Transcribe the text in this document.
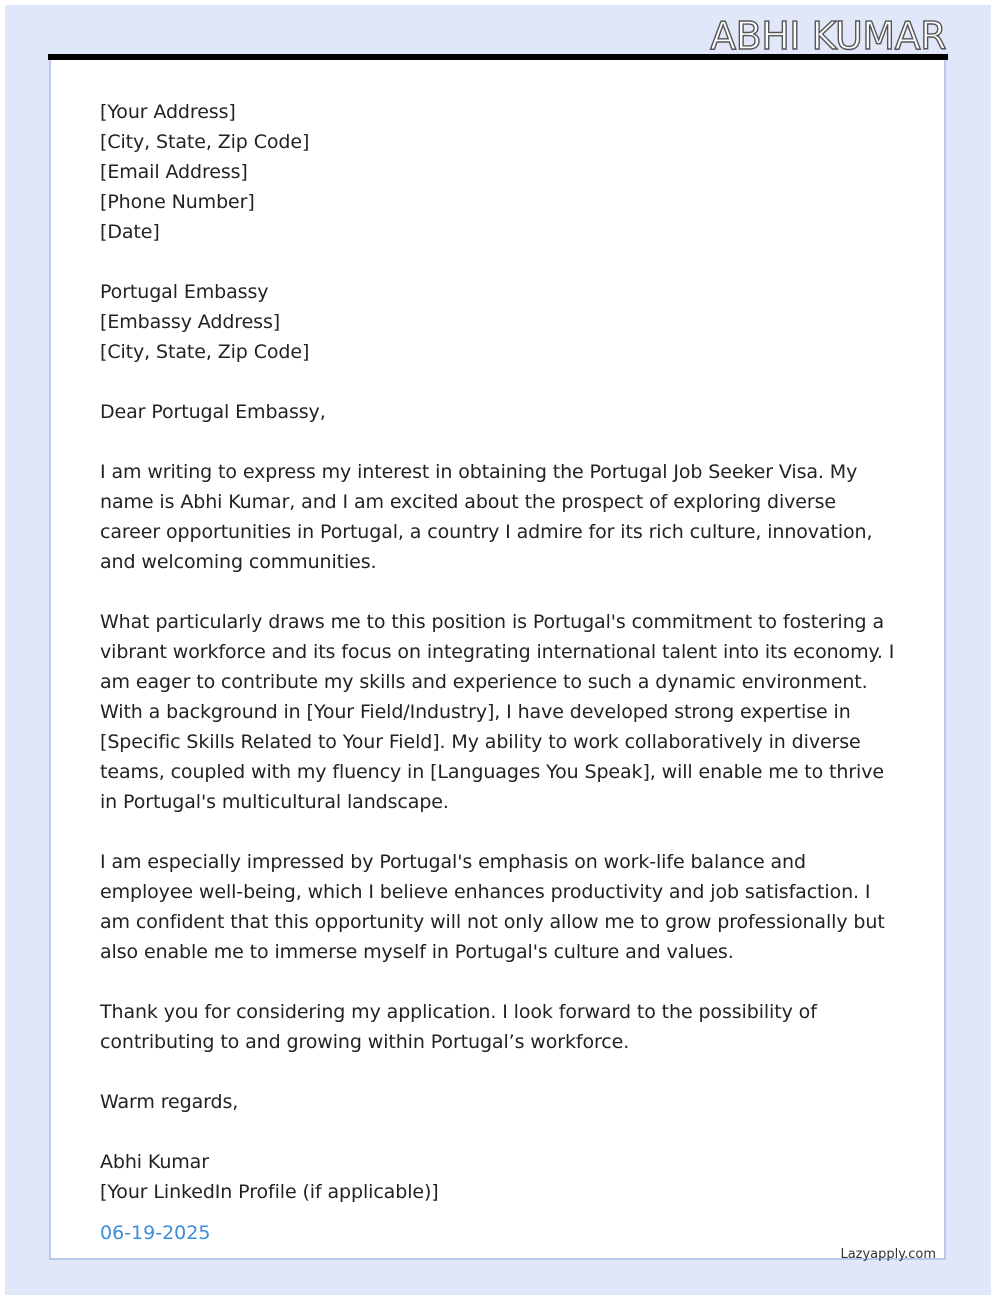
ABHI KUMAR
[Your Address]
[City, State, Zip Code]
[Email Address]
[Phone Number]
[Date]
Portugal Embassy
[Embassy Address]
[City, State, Zip Code]
Dear Portugal Embassy,
I am writing to express my interest in obtaining the Portugal Job Seeker Visa. My name is Abhi Kumar, and I am excited about the prospect of exploring diverse career opportunities in Portugal, a country I admire for its rich culture, innovation, and welcoming communities.
What particularly draws me to this position is Portugal's commitment to fostering a vibrant workforce and its focus on integrating international talent into its economy. I am eager to contribute my skills and experience to such a dynamic environment. With a background in [Your Field/Industry], I have developed strong expertise in [Specific Skills Related to Your Field]. My ability to work collaboratively in diverse teams, coupled with my fluency in [Languages You Speak], will enable me to thrive in Portugal's multicultural landscape.
I am especially impressed by Portugal's emphasis on work-life balance and employee well-being, which I believe enhances productivity and job satisfaction. I am confident that this opportunity will not only allow me to grow professionally but also enable me to immerse myself in Portugal's culture and values.
Thank you for considering my application. I look forward to the possibility of contributing to and growing within Portugal’s workforce.
Warm regards,
Abhi Kumar
[Your LinkedIn Profile (if applicable)]
06-19-2025
Lazyapply.com
